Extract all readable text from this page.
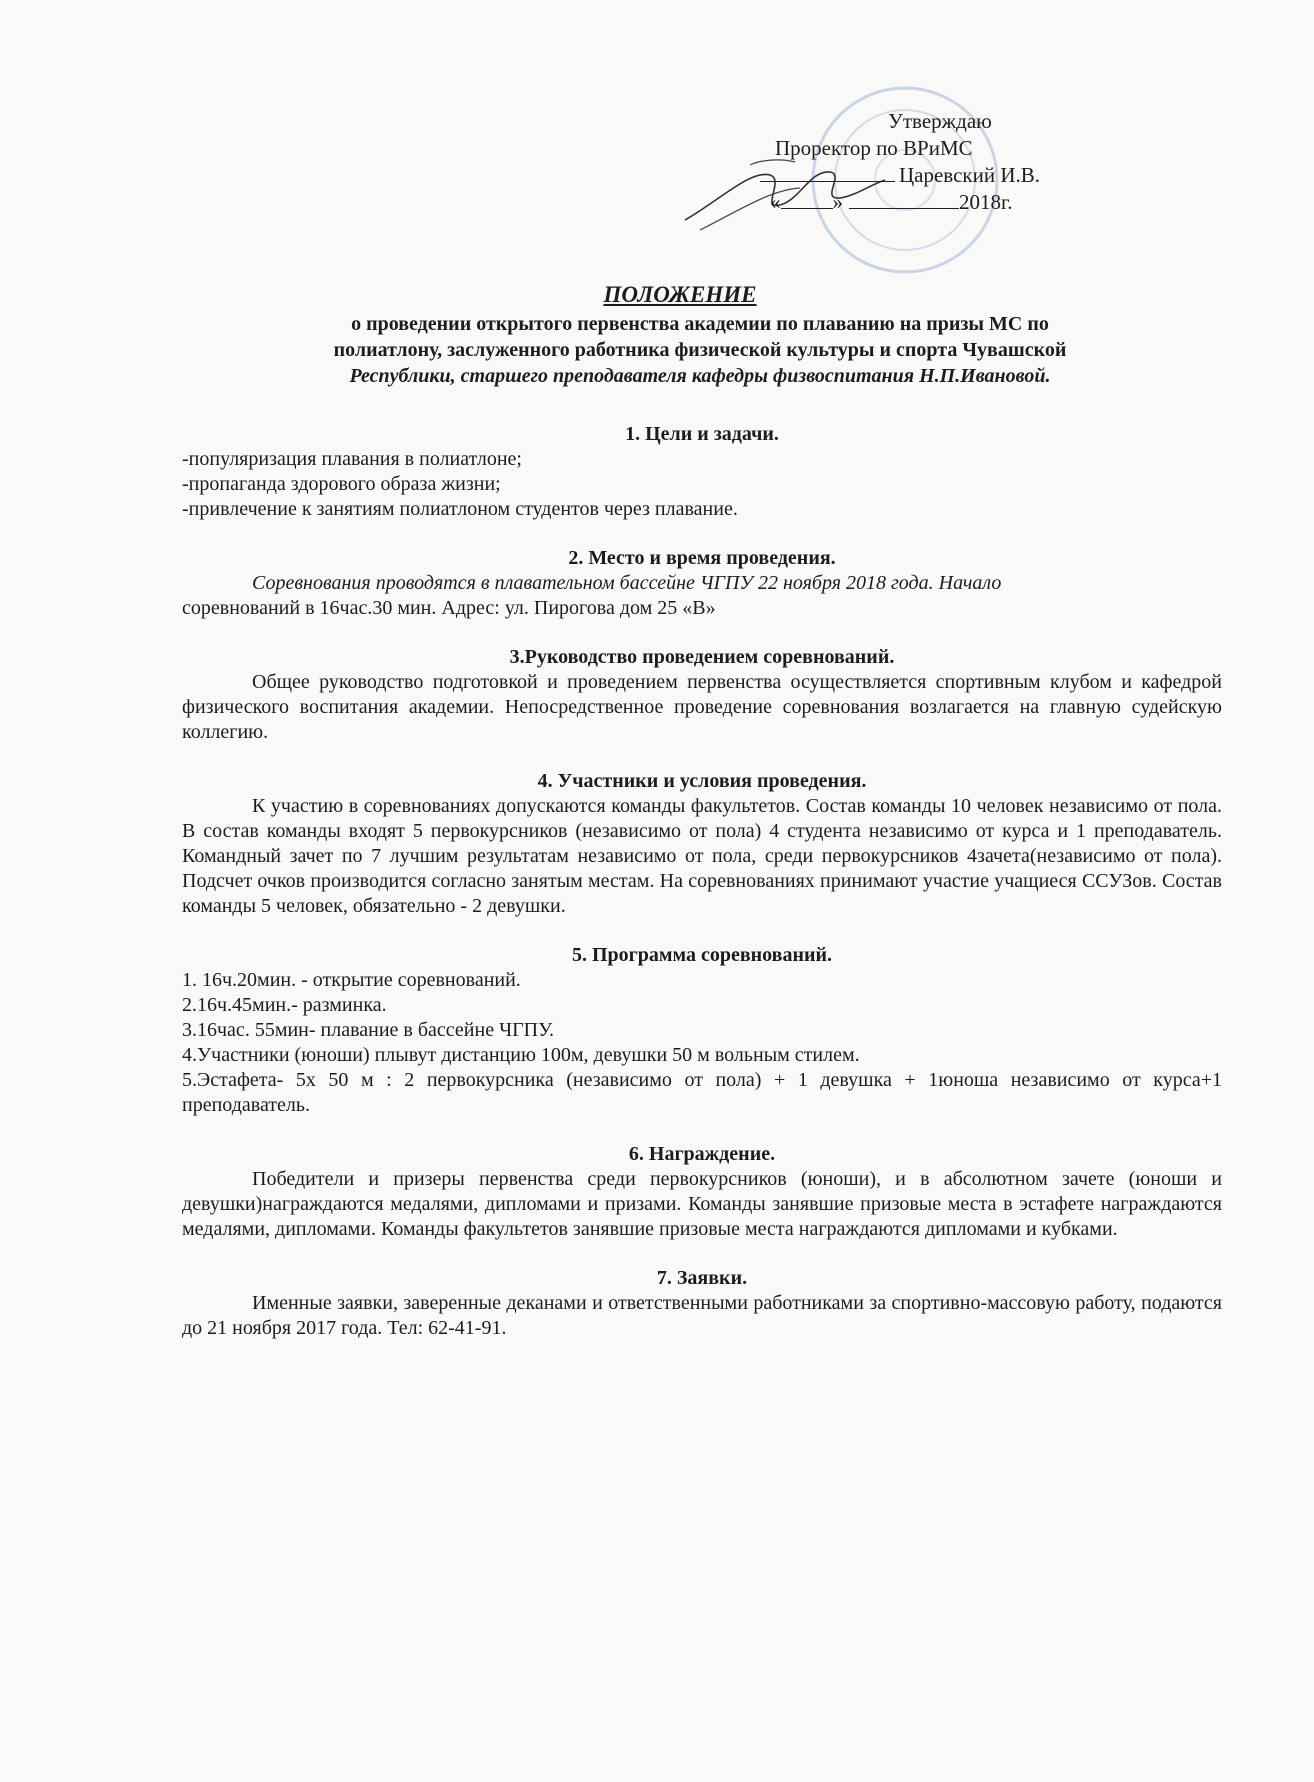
Утверждаю
Проректор по ВРиМС
Царевский И.В.
« »	2018г.
ПОЛОЖЕНИЕ
о проведении открытого первенства академии по плаванию на призы МС по
полиатлону, заслуженного работника физической культуры и спорта Чувашской
Республики, старшего преподавателя кафедры физвоспитания Н.П.Ивановой.
1. Цели и задачи.

-популяризация плавания в полиатлоне;

-пропаганда здорового образа жизни;

-привлечение к занятиям полиатлоном студентов через плавание.

2. Место и время проведения.

Соревнования проводятся в плавательном бассейне ЧГПУ 22 ноября 2018 года. Начало

соревнований в 16час.30 мин. Адрес: ул. Пирогова дом 25 «В»

3.Руководство проведением соревнований.

Общее руководство подготовкой и проведением первенства осуществляется спортивным клубом и кафедрой физического воспитания академии. Непосредственное проведение соревнования возлагается на главную судейскую коллегию.

4. Участники и условия проведения.

К участию в соревнованиях допускаются команды факультетов. Состав команды 10 человек независимо от пола. В состав команды входят 5 первокурсников (независимо от пола) 4 студента независимо от курса и 1 преподаватель. Командный зачет по 7 лучшим результатам независимо от пола, среди первокурсников 4зачета(независимо от пола). Подсчет очков производится согласно занятым местам. На соревнованиях принимают участие учащиеся ССУЗов. Состав команды 5 человек, обязательно - 2 девушки.

5. Программа соревнований.

1. 16ч.20мин. - открытие соревнований.

2.16ч.45мин.- разминка.

3.16час. 55мин- плавание в бассейне ЧГПУ.

4.Участники (юноши) плывут дистанцию 100м, девушки 50 м вольным стилем.

5.Эстафета- 5х 50 м : 2 первокурсника (независимо от пола) + 1 девушка + 1юноша независимо от курса+1 преподаватель.

6. Награждение.

Победители и призеры первенства среди первокурсников (юноши), и в абсолютном зачете (юноши и девушки)награждаются медалями, дипломами и призами. Команды занявшие призовые места в эстафете награждаются медалями, дипломами. Команды факультетов занявшие призовые места награждаются дипломами и кубками.

7. Заявки.

Именные заявки, заверенные деканами и ответственными работниками за спортивно-массовую работу, подаются до 21 ноября 2017 года. Тел: 62-41-91.
